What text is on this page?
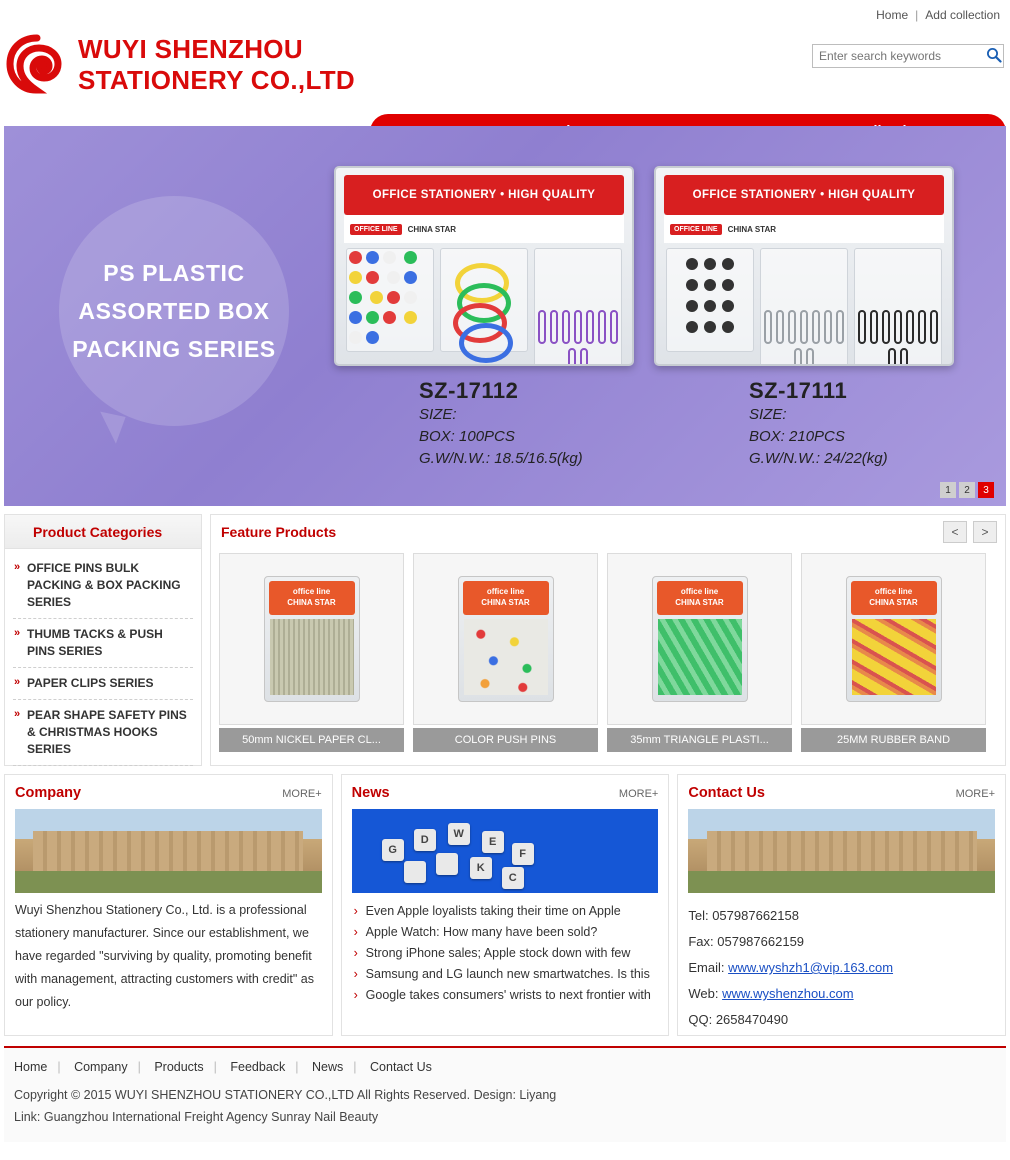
Home | Add collection
WUYI SHENZHOU
STATIONERY CO.,LTD
Enter search keywords
PS PLASTIC
ASSORTED BOX
PACKING SERIES
OFFICE STATIONERY • HIGH QUALITY
OFFICE LINE	CHINA STAR

OFFICE STATIONERY • HIGH QUALITY
OFFICE LINE	CHINA STAR

SZ-17112
SIZE:
BOX: 100PCS
G.W/N.W.: 18.5/16.5(kg)
SZ-17111
SIZE:
BOX: 210PCS
G.W/N.W.: 24/22(kg)
1	2	3
Product Categories
» OFFICE PINS BULK PACKING & BOX PACKING SERIES
» THUMB TACKS & PUSH PINS SERIES
» PAPER CLIPS SERIES
» PEAR SHAPE SAFETY PINS & CHRISTMAS HOOKS SERIES
Feature Products	<	>
office line
CHINA STAR
50mm NICKEL PAPER CL...
office line
CHINA STAR
COLOR PUSH PINS
office line
CHINA STAR
35mm TRIANGLE PLASTI...
office line
CHINA STAR
25MM RUBBER BAND
Company	MORE+
Wuyi Shenzhou Stationery Co., Ltd. is a professional stationery manufacturer. Since our establishment, we have regarded "surviving by quality, promoting benefit with management, attracting customers with credit" as our policy.
News	MORE+
G
D	W
E
F
K
C

› Even Apple loyalists taking their time on Apple
› Apple Watch: How many have been sold?
› Strong iPhone sales; Apple stock down with few
› Samsung and LG launch new smartwatches. Is this
› Google takes consumers' wrists to next frontier with
Contact Us	MORE+
Tel: 057987662158
Fax: 057987662159
Email: www.wyshzh1@vip.163.com
Web: www.wyshenzhou.com
QQ: 2658470490
Home | Company | Products | Feedback | News | Contact Us
Copyright © 2015 WUYI SHENZHOU STATIONERY CO.,LTD All Rights Reserved. Design: Liyang
Link: Guangzhou International Freight Agency Sunray Nail Beauty
